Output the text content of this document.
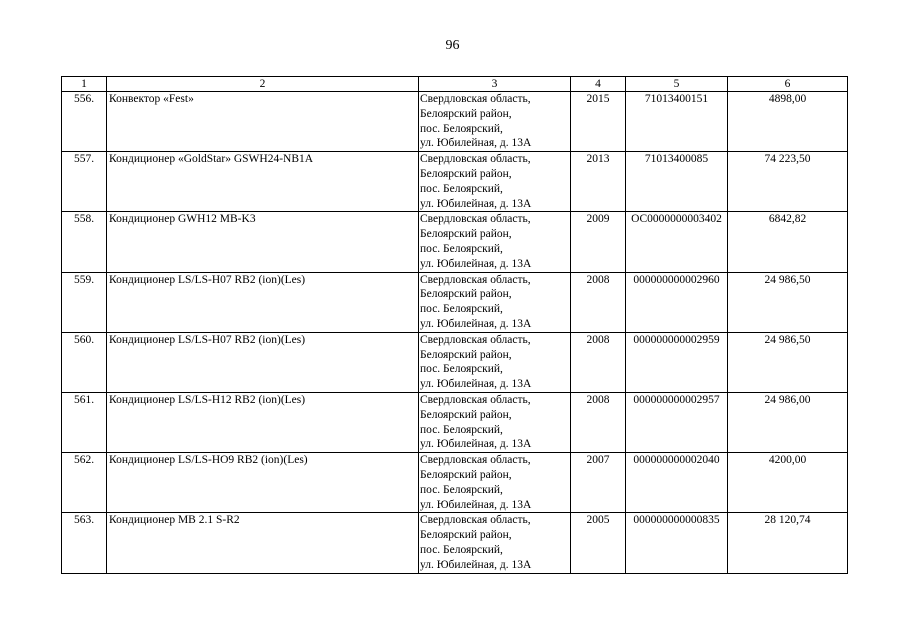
96
1	2	3	4	5	6
556.	Конвектор «Fest»	Свердловская область,
Белоярский район,
пос. Белоярский,
ул. Юбилейная, д. 13А	2015	71013400151	4898,00
557.	Кондиционер «GoldStar» GSWH24-NB1A	Свердловская область,
Белоярский район,
пос. Белоярский,
ул. Юбилейная, д. 13А	2013	71013400085	74 223,50
558.	Кондиционер GWH12 MB-K3	Свердловская область,
Белоярский район,
пос. Белоярский,
ул. Юбилейная, д. 13А	2009	ОС0000000003402	6842,82
559.	Кондиционер LS/LS-H07 RB2 (ion)(Les)	Свердловская область,
Белоярский район,
пос. Белоярский,
ул. Юбилейная, д. 13А	2008	000000000002960	24 986,50
560.	Кондиционер LS/LS-H07 RB2 (ion)(Les)	Свердловская область,
Белоярский район,
пос. Белоярский,
ул. Юбилейная, д. 13А	2008	000000000002959	24 986,50
561.	Кондиционер LS/LS-H12 RB2 (ion)(Les)	Свердловская область,
Белоярский район,
пос. Белоярский,
ул. Юбилейная, д. 13А	2008	000000000002957	24 986,00
562.	Кондиционер LS/LS-HO9 RB2 (ion)(Les)	Свердловская область,
Белоярский район,
пос. Белоярский,
ул. Юбилейная, д. 13А	2007	000000000002040	4200,00
563.	Кондиционер MB 2.1 S-R2	Свердловская область,
Белоярский район,
пос. Белоярский,
ул. Юбилейная, д. 13А	2005	000000000000835	28 120,74
